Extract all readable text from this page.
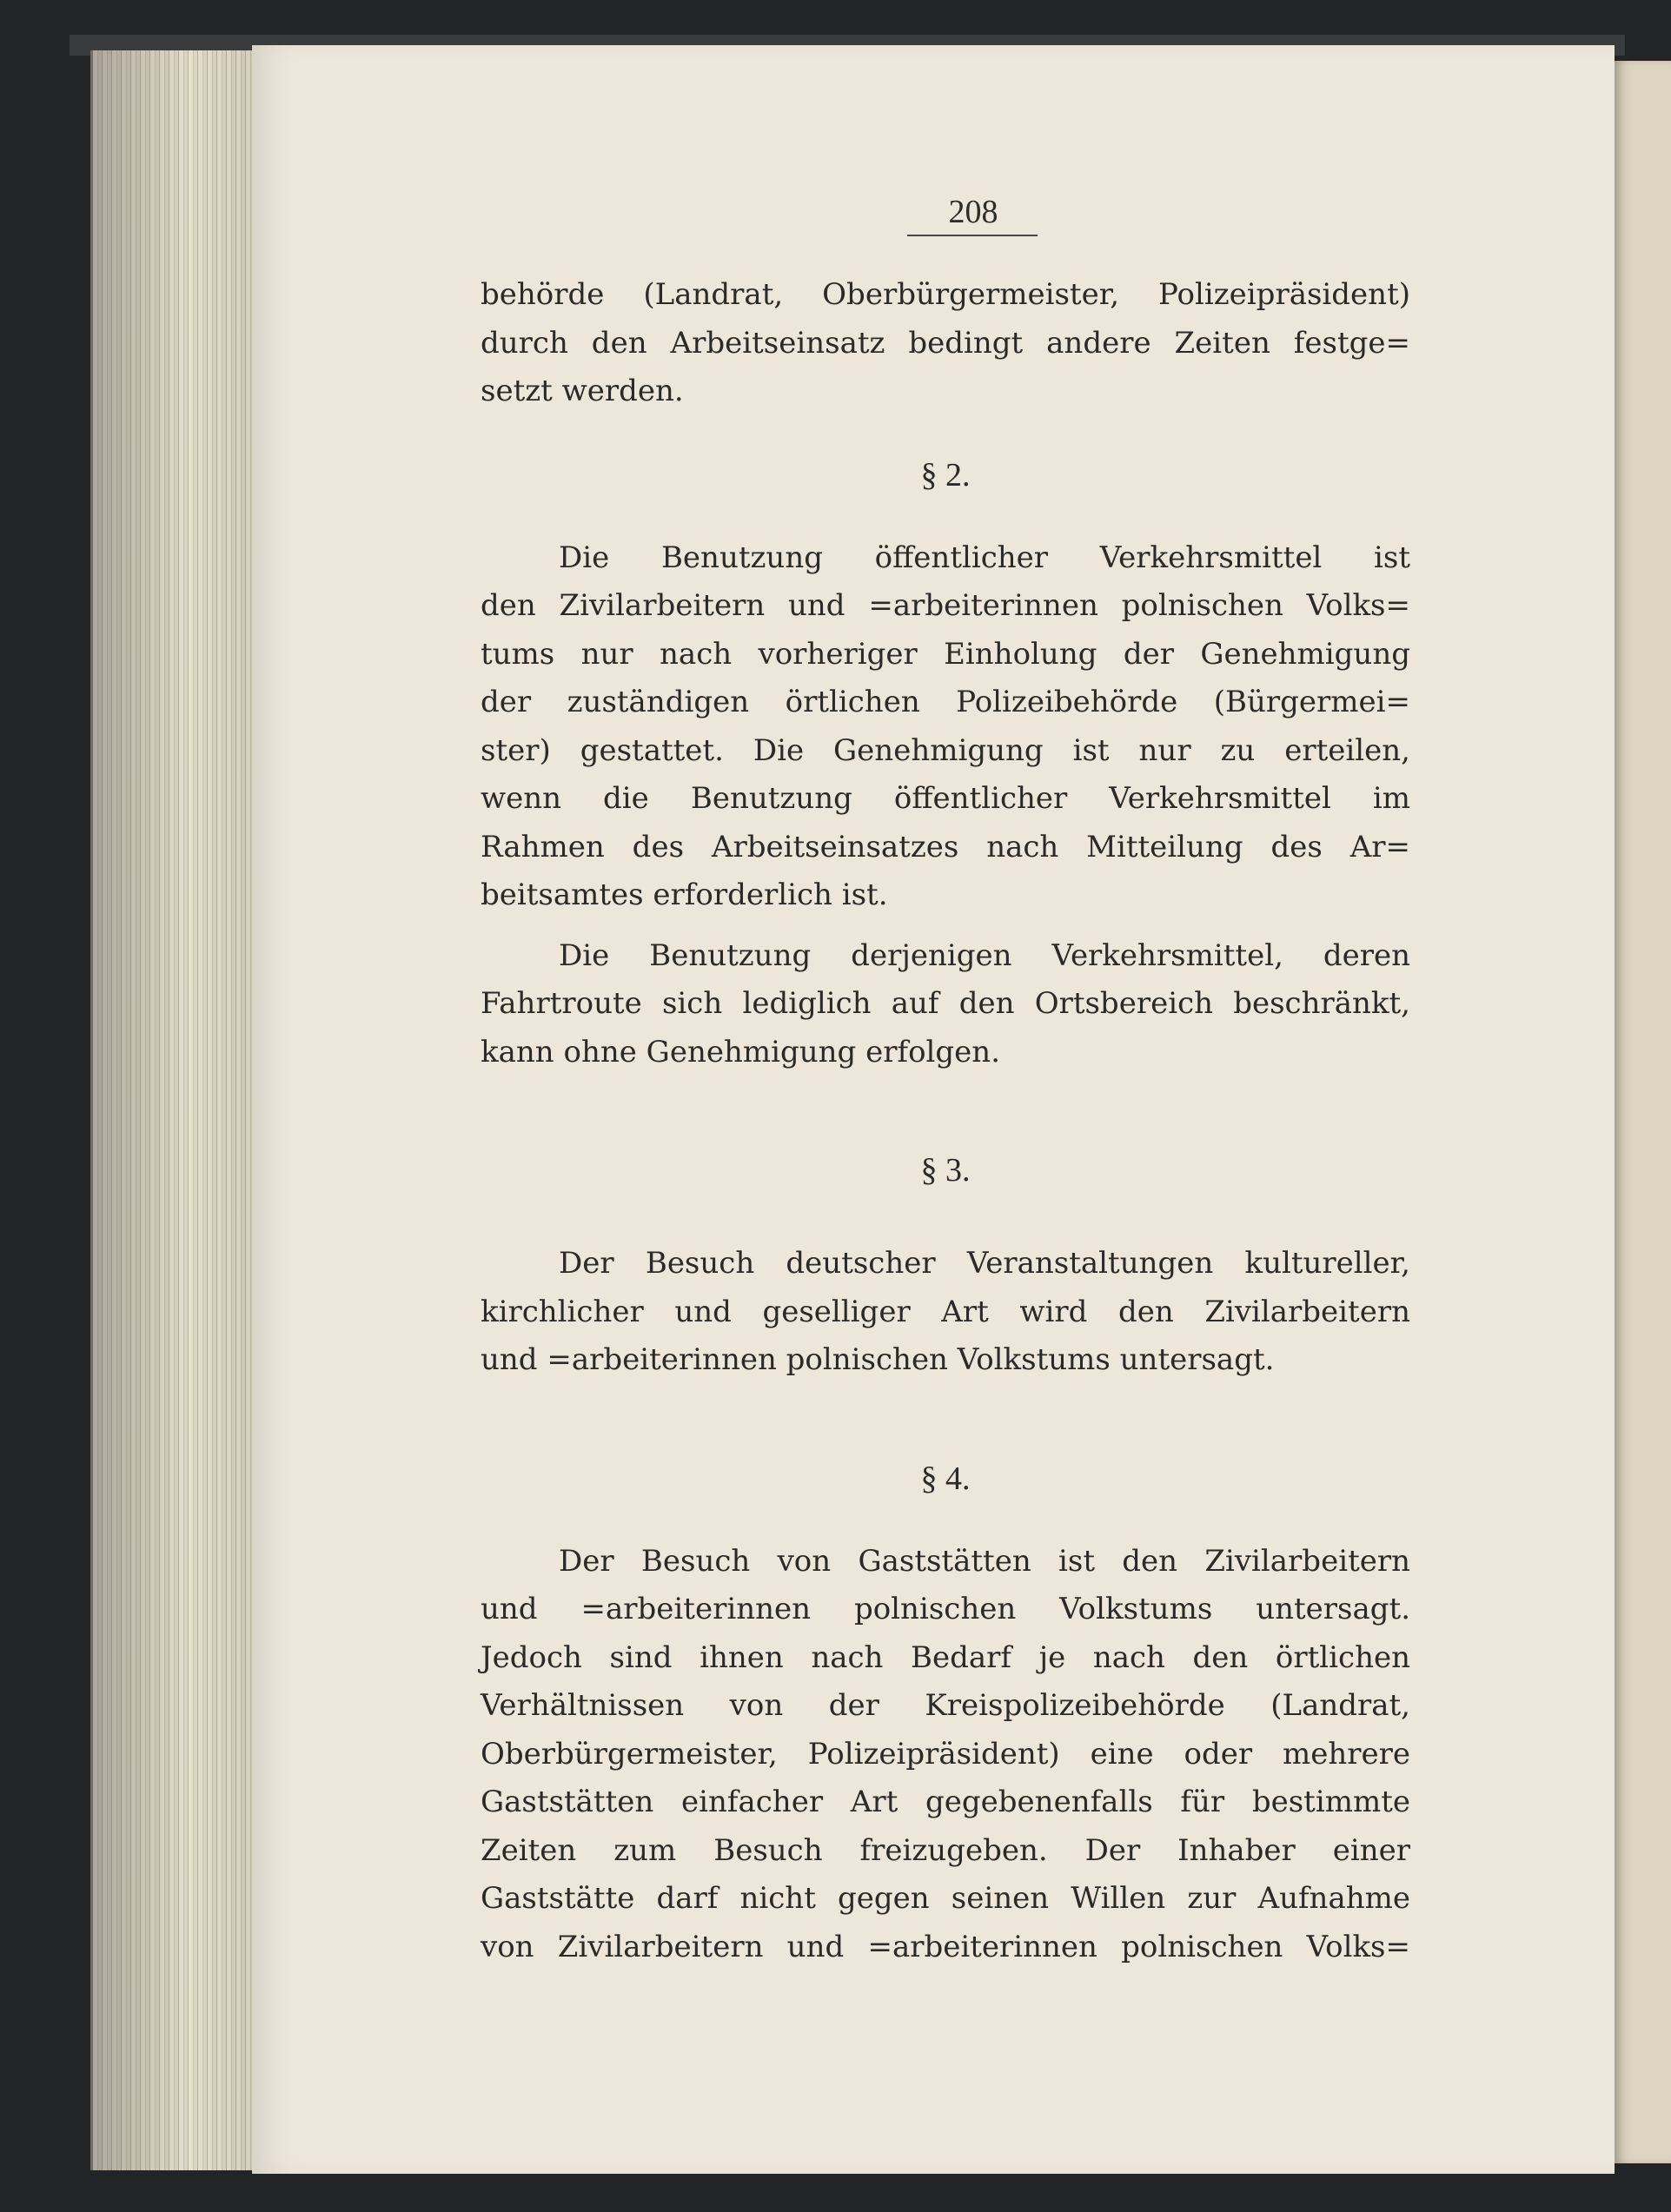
208

behörde (Landrat, Oberbürgermeister, Polizeipräsident)
durch den Arbeitseinsatz bedingt andere Zeiten festge=
setzt werden.

§ 2.

Die Benutzung öffentlicher Verkehrsmittel ist
den Zivilarbeitern und =arbeiterinnen polnischen Volks=
tums nur nach vorheriger Einholung der Genehmigung
der zuständigen örtlichen Polizeibehörde (Bürgermei=
ster) gestattet. Die Genehmigung ist nur zu erteilen,
wenn die Benutzung öffentlicher Verkehrsmittel im
Rahmen des Arbeitseinsatzes nach Mitteilung des Ar=
beitsamtes erforderlich ist.

Die Benutzung derjenigen Verkehrsmittel, deren
Fahrtroute sich lediglich auf den Ortsbereich beschränkt,
kann ohne Genehmigung erfolgen.

§ 3.

Der Besuch deutscher Veranstaltungen kultureller,
kirchlicher und geselliger Art wird den Zivilarbeitern
und =arbeiterinnen polnischen Volkstums untersagt.

§ 4.

Der Besuch von Gaststätten ist den Zivilarbeitern
und =arbeiterinnen polnischen Volkstums untersagt.
Jedoch sind ihnen nach Bedarf je nach den örtlichen
Verhältnissen von der Kreispolizeibehörde (Landrat,
Oberbürgermeister, Polizeipräsident) eine oder mehrere
Gaststätten einfacher Art gegebenenfalls für bestimmte
Zeiten zum Besuch freizugeben. Der Inhaber einer
Gaststätte darf nicht gegen seinen Willen zur Aufnahme
von Zivilarbeitern und =arbeiterinnen polnischen Volks=
